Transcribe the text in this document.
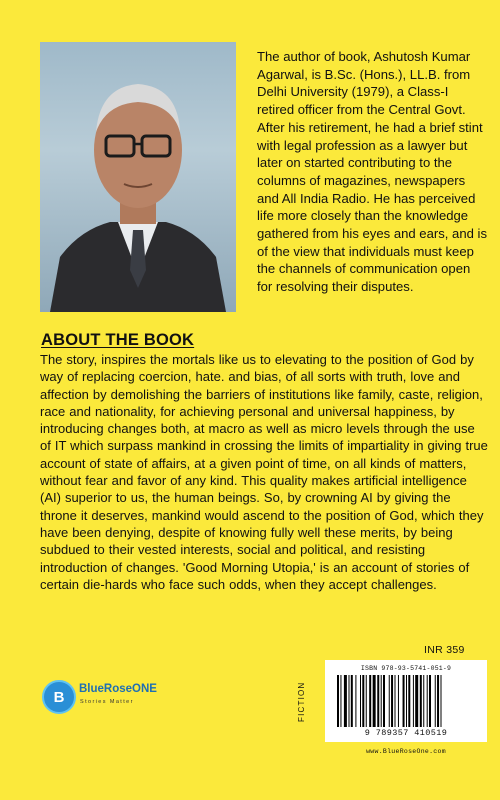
The author of book, Ashutosh Kumar Agarwal, is B.Sc. (Hons.), LL.B. from Delhi University (1979), a Class-I retired officer from the Central Govt. After his retirement, he had a brief stint with legal profession as a lawyer but later on started contributing to the columns of magazines, newspapers and All India Radio. He has perceived life more closely than the knowledge gathered from his eyes and ears, and is of the view that individuals must keep the channels of communication open for resolving their disputes.

ABOUT THE BOOK

The story, inspires the mortals like us to elevating to the position of God by way of replacing coercion, hate. and bias, of all sorts with truth, love and affection by demolishing the barriers of institutions like family, caste, religion, race and nationality, for achieving personal and universal happiness, by introducing changes both, at macro as well as micro levels through the use of IT which surpass mankind in crossing the limits of impartiality in giving true account of state of affairs, at a given point of time, on all kinds of matters, without fear and favor of any kind. This quality makes artificial intelligence (AI) superior to us, the human beings. So, by crowning AI by giving the throne it deserves, mankind would ascend to the position of God, which they have been denying, despite of knowing fully well these merits, by being subdued to their vested interests, social and political, and resisting introduction of changes. 'Good Morning Utopia,' is an account of stories of certain die-hards who face such odds, when they accept challenges.

B	BlueRoseONE
Stories Matter
INR 359
FICTION
ISBN 978-93-5741-051-9
9 789357 410519
www.BlueRoseOne.com
